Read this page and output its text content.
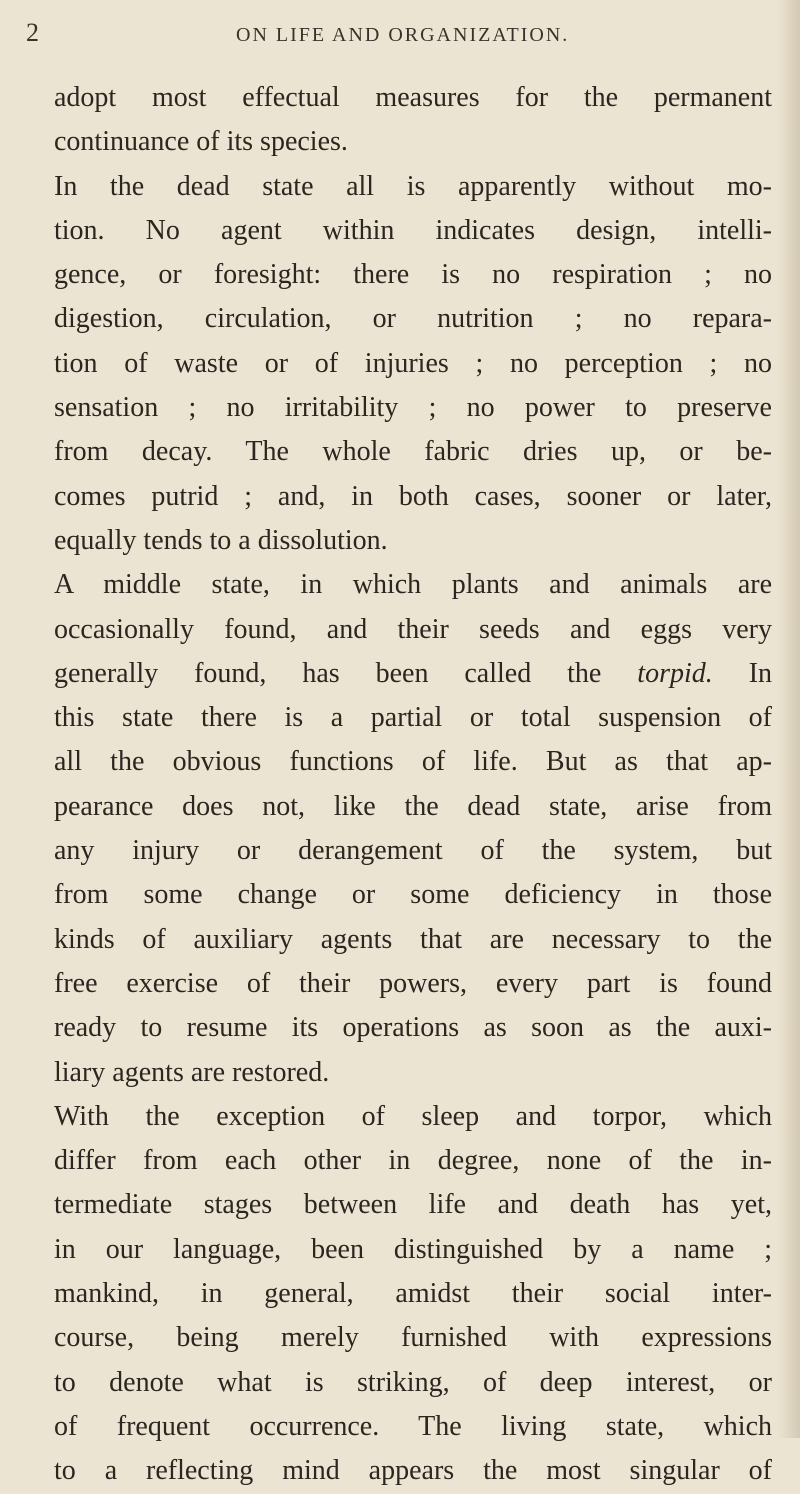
2	ON LIFE AND ORGANIZATION.
adopt most effectual measures for the permanent
continuance of its species.
In the dead state all is apparently without mo-
tion. No agent within indicates design, intelli-
gence, or foresight: there is no respiration ; no
digestion, circulation, or nutrition ; no repara-
tion of waste or of injuries ; no perception ; no
sensation ; no irritability ; no power to preserve
from decay. The whole fabric dries up, or be-
comes putrid ; and, in both cases, sooner or later,
equally tends to a dissolution.
A middle state, in which plants and animals are
occasionally found, and their seeds and eggs very
generally found, has been called the torpid. In
this state there is a partial or total suspension of
all the obvious functions of life. But as that ap-
pearance does not, like the dead state, arise from
any injury or derangement of the system, but
from some change or some deficiency in those
kinds of auxiliary agents that are necessary to the
free exercise of their powers, every part is found
ready to resume its operations as soon as the auxi-
liary agents are restored.
With the exception of sleep and torpor, which
differ from each other in degree, none of the in-
termediate stages between life and death has yet,
in our language, been distinguished by a name ;
mankind, in general, amidst their social inter-
course, being merely furnished with expressions
to denote what is striking, of deep interest, or
of frequent occurrence. The living state, which
to a reflecting mind appears the most singular of
